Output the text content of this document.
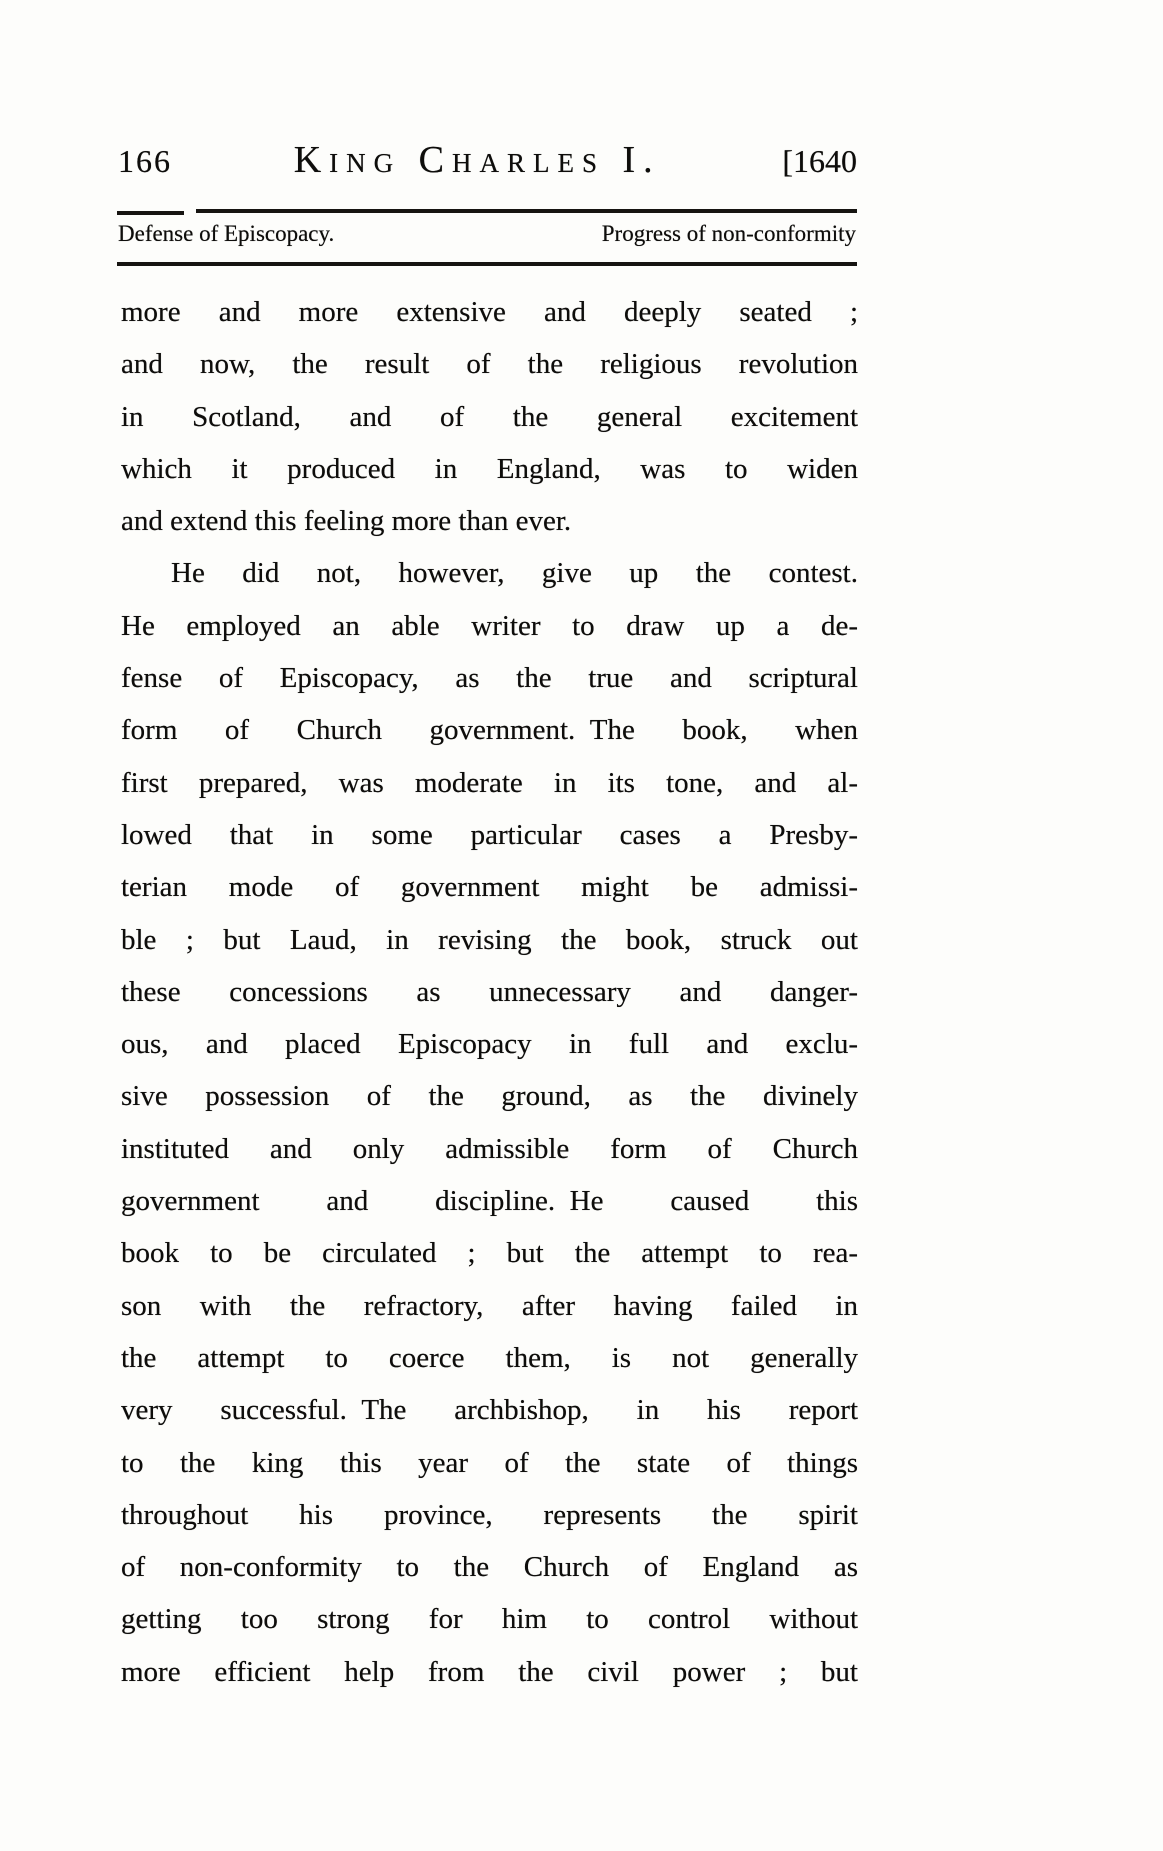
166	King Charles I.	[1640
Defense of Episcopacy.	Progress of non-conformity
more and more extensive and deeply seated ;
and now, the result of the religious revolution
in Scotland, and of the general excitement
which it produced in England, was to widen
and extend this feeling more than ever.
He did not, however, give up the contest.
He employed an able writer to draw up a de-
fense of Episcopacy, as the true and scriptural
form of Church government. The book, when
first prepared, was moderate in its tone, and al-
lowed that in some particular cases a Presby-
terian mode of government might be admissi-
ble ; but Laud, in revising the book, struck out
these concessions as unnecessary and danger-
ous, and placed Episcopacy in full and exclu-
sive possession of the ground, as the divinely
instituted and only admissible form of Church
government and discipline. He caused this
book to be circulated ; but the attempt to rea-
son with the refractory, after having failed in
the attempt to coerce them, is not generally
very successful. The archbishop, in his report
to the king this year of the state of things
throughout his province, represents the spirit
of non-conformity to the Church of England as
getting too strong for him to control without
more efficient help from the civil power ; but
